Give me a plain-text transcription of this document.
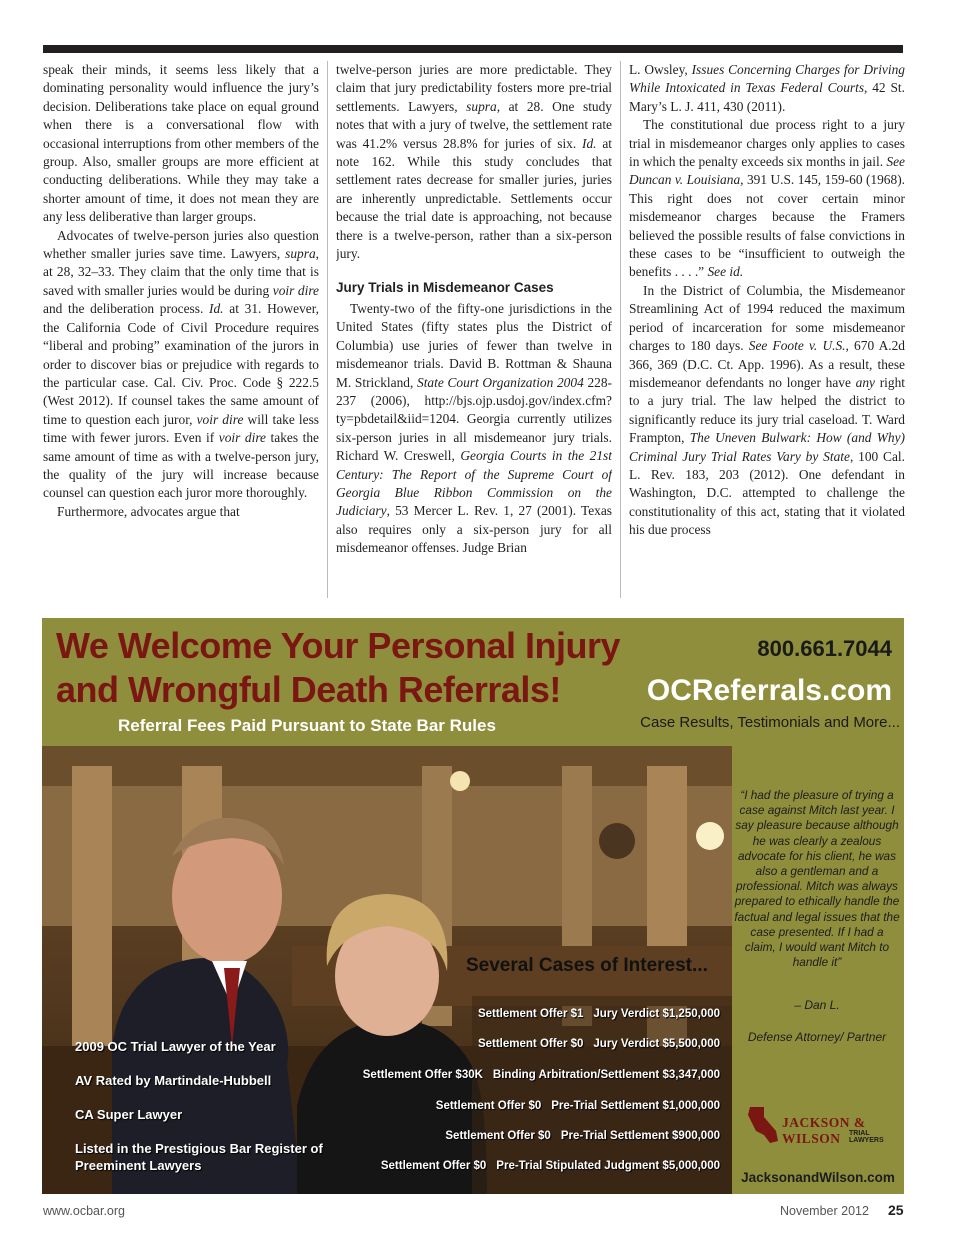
speak their minds, it seems less likely that a dominating personality would influence the jury’s decision. Deliberations take place on equal ground when there is a conversational flow with occasional interruptions from other members of the group. Also, smaller groups are more efficient at conducting deliberations. While they may take a shorter amount of time, it does not mean they are any less deliberative than larger groups.

Advocates of twelve-person juries also question whether smaller juries save time. Lawyers, supra, at 28, 32–33. They claim that the only time that is saved with smaller juries would be during voir dire and the deliberation process. Id. at 31. However, the California Code of Civil Procedure requires “liberal and probing” examination of the jurors in order to discover bias or prejudice with regards to the particular case. Cal. Civ. Proc. Code § 222.5 (West 2012). If counsel takes the same amount of time to question each juror, voir dire will take less time with fewer jurors. Even if voir dire takes the same amount of time as with a twelve-person jury, the quality of the jury will increase because counsel can question each juror more thoroughly.

Furthermore, advocates argue that

twelve-person juries are more predictable. They claim that jury predictability fosters more pre-trial settlements. Lawyers, supra, at 28. One study notes that with a jury of twelve, the settlement rate was 41.2% versus 28.8% for juries of six. Id. at note 162. While this study concludes that settlement rates decrease for smaller juries, juries are inherently unpredictable. Settlements occur because the trial date is approaching, not because there is a twelve-person, rather than a six-person jury.

Jury Trials in Misdemeanor Cases

Twenty-two of the fifty-one jurisdictions in the United States (fifty states plus the District of Columbia) use juries of fewer than twelve in misdemeanor trials. David B. Rottman & Shauna M. Strickland, State Court Organization 2004 228-237 (2006), http://bjs.ojp.usdoj.gov/index.cfm?ty=pbdetail&iid=1204. Georgia currently utilizes six-person juries in all misdemeanor jury trials. Richard W. Creswell, Georgia Courts in the 21st Century: The Report of the Supreme Court of Georgia Blue Ribbon Commission on the Judiciary, 53 Mercer L. Rev. 1, 27 (2001). Texas also requires only a six-person jury for all misdemeanor offenses. Judge Brian

L. Owsley, Issues Concerning Charges for Driving While Intoxicated in Texas Federal Courts, 42 St. Mary’s L. J. 411, 430 (2011).

The constitutional due process right to a jury trial in misdemeanor charges only applies to cases in which the penalty exceeds six months in jail. See Duncan v. Louisiana, 391 U.S. 145, 159-60 (1968). This right does not cover certain minor misdemeanor charges because the Framers believed the possible results of false convictions in these cases to be “insufficient to outweigh the benefits . . . .” See id.

In the District of Columbia, the Misdemeanor Streamlining Act of 1994 reduced the maximum period of incarceration for some misdemeanor charges to 180 days. See Foote v. U.S., 670 A.2d 366, 369 (D.C. Ct. App. 1996). As a result, these misdemeanor defendants no longer have any right to a jury trial. The law helped the district to significantly reduce its jury trial caseload. T. Ward Frampton, The Uneven Bulwark: How (and Why) Criminal Jury Trial Rates Vary by State, 100 Cal. L. Rev. 183, 203 (2012). One defendant in Washington, D.C. attempted to challenge the constitutionality of this act, stating that it violated his due process

We Welcome Your Personal Injury
and Wrongful Death Referrals!
Referral Fees Paid Pursuant to State Bar Rules
800.661.7044
OCReferrals.com
Case Results, Testimonials and More...
“I had the pleasure of trying a case against Mitch last year. I say pleasure because although he was clearly a zealous advocate for his client, he was also a gentleman and a professional. Mitch was always prepared to ethically handle the factual and legal issues that the case presented. If I had a claim, I would want Mitch to handle it”
– Dan L.
Defense Attorney/ Partner
Several Cases of Interest...
Settlement Offer $1 Jury Verdict $1,250,000
Settlement Offer $0 Jury Verdict $5,500,000
Settlement Offer $30K Binding Arbitration/Settlement $3,347,000
Settlement Offer $0 Pre-Trial Settlement $1,000,000
Settlement Offer $0 Pre-Trial Settlement $900,000
Settlement Offer $0 Pre-Trial Stipulated Judgment $5,000,000
2009 OC Trial Lawyer of the Year
AV Rated by Martindale-Hubbell
CA Super Lawyer
Listed in the Prestigious Bar Register of Preeminent Lawyers
JACKSON & WILSON	TRIAL LAWYERS
JacksonandWilson.com
www.ocbar.org	November 2012 25
